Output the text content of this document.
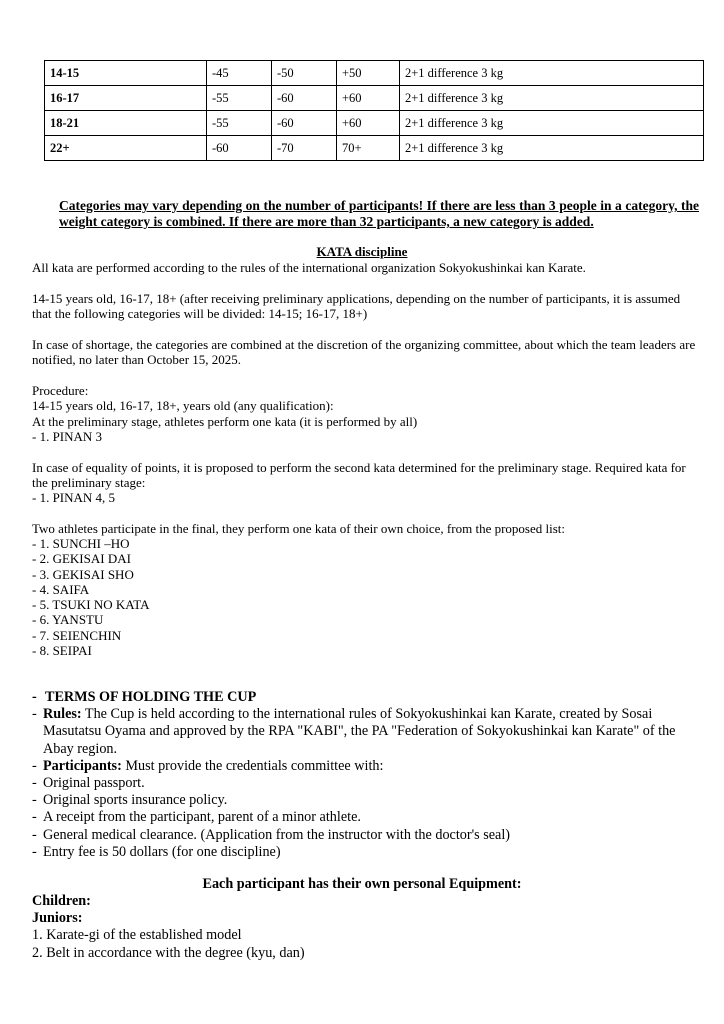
14-15	-45	-50	+50	2+1 difference 3 kg
16-17	-55	-60	+60	2+1 difference 3 kg
18-21	-55	-60	+60	2+1 difference 3 kg
22+	-60	-70	70+	2+1 difference 3 kg
Categories may vary depending on the number of participants! If there are less than 3 people in a category, the weight category is combined. If there are more than 32 participants, a new category is added.
KATA discipline
All kata are performed according to the rules of the international organization Sokyokushinkai kan Karate.
14-15 years old, 16-17, 18+ (after receiving preliminary applications, depending on the number of participants, it is assumed that the following categories will be divided: 14-15; 16-17, 18+)
In case of shortage, the categories are combined at the discretion of the organizing committee, about which the team leaders are notified, no later than October 15, 2025.
Procedure:
14-15 years old, 16-17, 18+, years old (any qualification):
At the preliminary stage, athletes perform one kata (it is performed by all)
- 1. PINAN 3
In case of equality of points, it is proposed to perform the second kata determined for the preliminary stage. Required kata for the preliminary stage:
- 1. PINAN 4, 5
Two athletes participate in the final, they perform one kata of their own choice, from the proposed list:
- 1. SUNCHI –HO
- 2. GEKISAI DAI
- 3. GEKISAI SHO
- 4. SAIFA
- 5. TSUKI NO KATA
- 6. YANSTU
- 7. SEIENCHIN
- 8. SEIPAI
- TERMS OF HOLDING THE CUP
- Rules: The Cup is held according to the international rules of Sokyokushinkai kan Karate, created by Sosai Masutatsu Oyama and approved by the RPA "KABI", the PA "Federation of Sokyokushinkai kan Karate" of the Abay region.
- Participants: Must provide the credentials committee with:
- Original passport.
- Original sports insurance policy.
- A receipt from the participant, parent of a minor athlete.
- General medical clearance. (Application from the instructor with the doctor's seal)
- Entry fee is 50 dollars (for one discipline)
Each participant has their own personal Equipment:
Children:
Juniors:
1. Karate-gi of the established model
2. Belt in accordance with the degree (kyu, dan)
